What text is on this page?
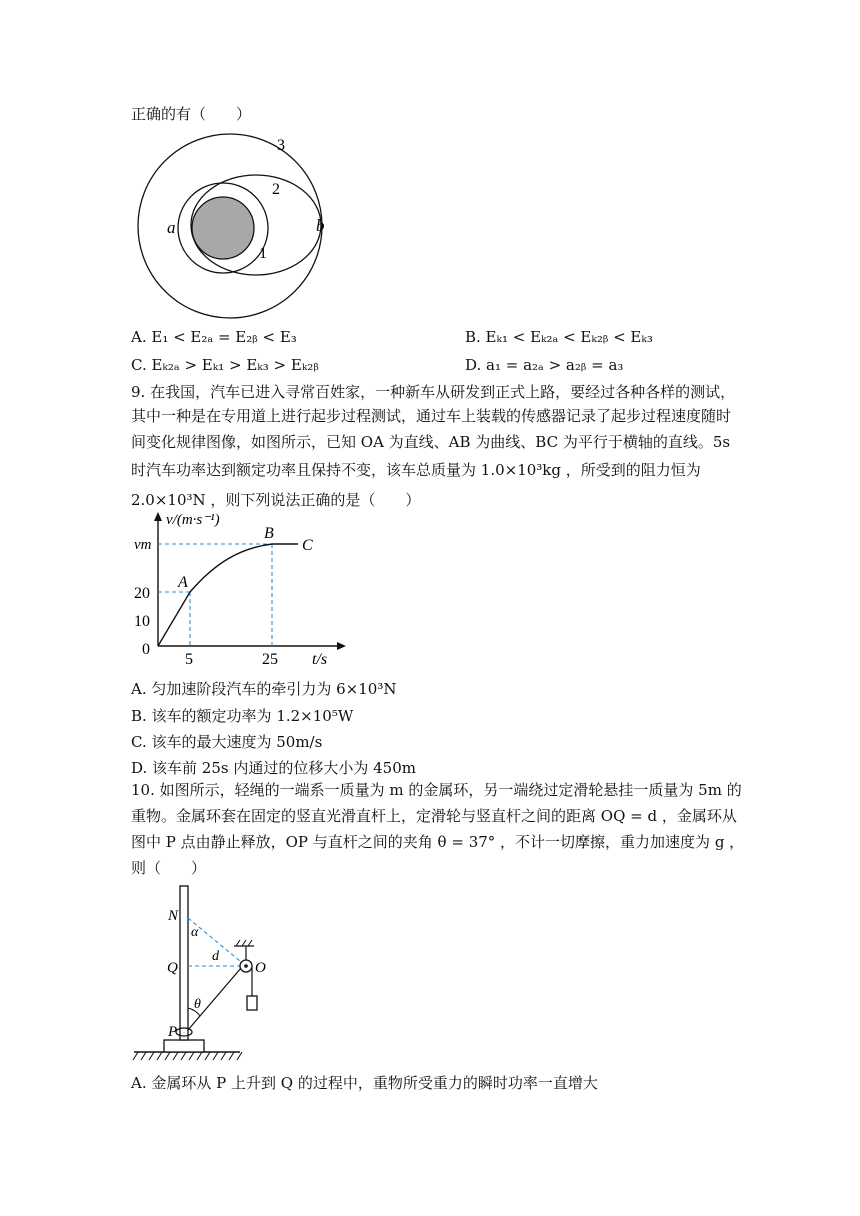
正确的有（　　）
3
2
1
a	b
A. E₁ < E₂ₐ = E₂ᵦ < E₃	B. Eₖ₁ < Eₖ₂ₐ < Eₖ₂ᵦ < Eₖ₃
C. Eₖ₂ₐ > Eₖ₁ > Eₖ₃ > Eₖ₂ᵦ	D. a₁ = a₂ₐ > a₂ᵦ = a₃
9. 在我国，汽车已进入寻常百姓家，一种新车从研发到正式上路，要经过各种各样的测试，
其中一种是在专用道上进行起步过程测试，通过车上装载的传感器记录了起步过程速度随时
间变化规律图像，如图所示，已知 OA 为直线、AB 为曲线、BC 为平行于横轴的直线。5s
时汽车功率达到额定功率且保持不变，该车总质量为 1.0×10³kg ，所受到的阻力恒为
2.0×10³N ，则下列说法正确的是（　　）
v/(m·s⁻¹)
t/s
vm
20
10
0
5	25
A
B
C
A. 匀加速阶段汽车的牵引力为 6×10³N
B. 该车的额定功率为 1.2×10⁵W
C. 该车的最大速度为 50m/s
D. 该车前 25s 内通过的位移大小为 450m
10. 如图所示，轻绳的一端系一质量为 m 的金属环，另一端绕过定滑轮悬挂一质量为 5m 的
重物。金属环套在固定的竖直光滑直杆上，定滑轮与竖直杆之间的距离 OQ = d ，金属环从
图中 P 点由静止释放，OP 与直杆之间的夹角 θ = 37° ，不计一切摩擦，重力加速度为 g ，
则（　　）
N
α
d
Q	O
θ
P
A. 金属环从 P 上升到 Q 的过程中，重物所受重力的瞬时功率一直增大
